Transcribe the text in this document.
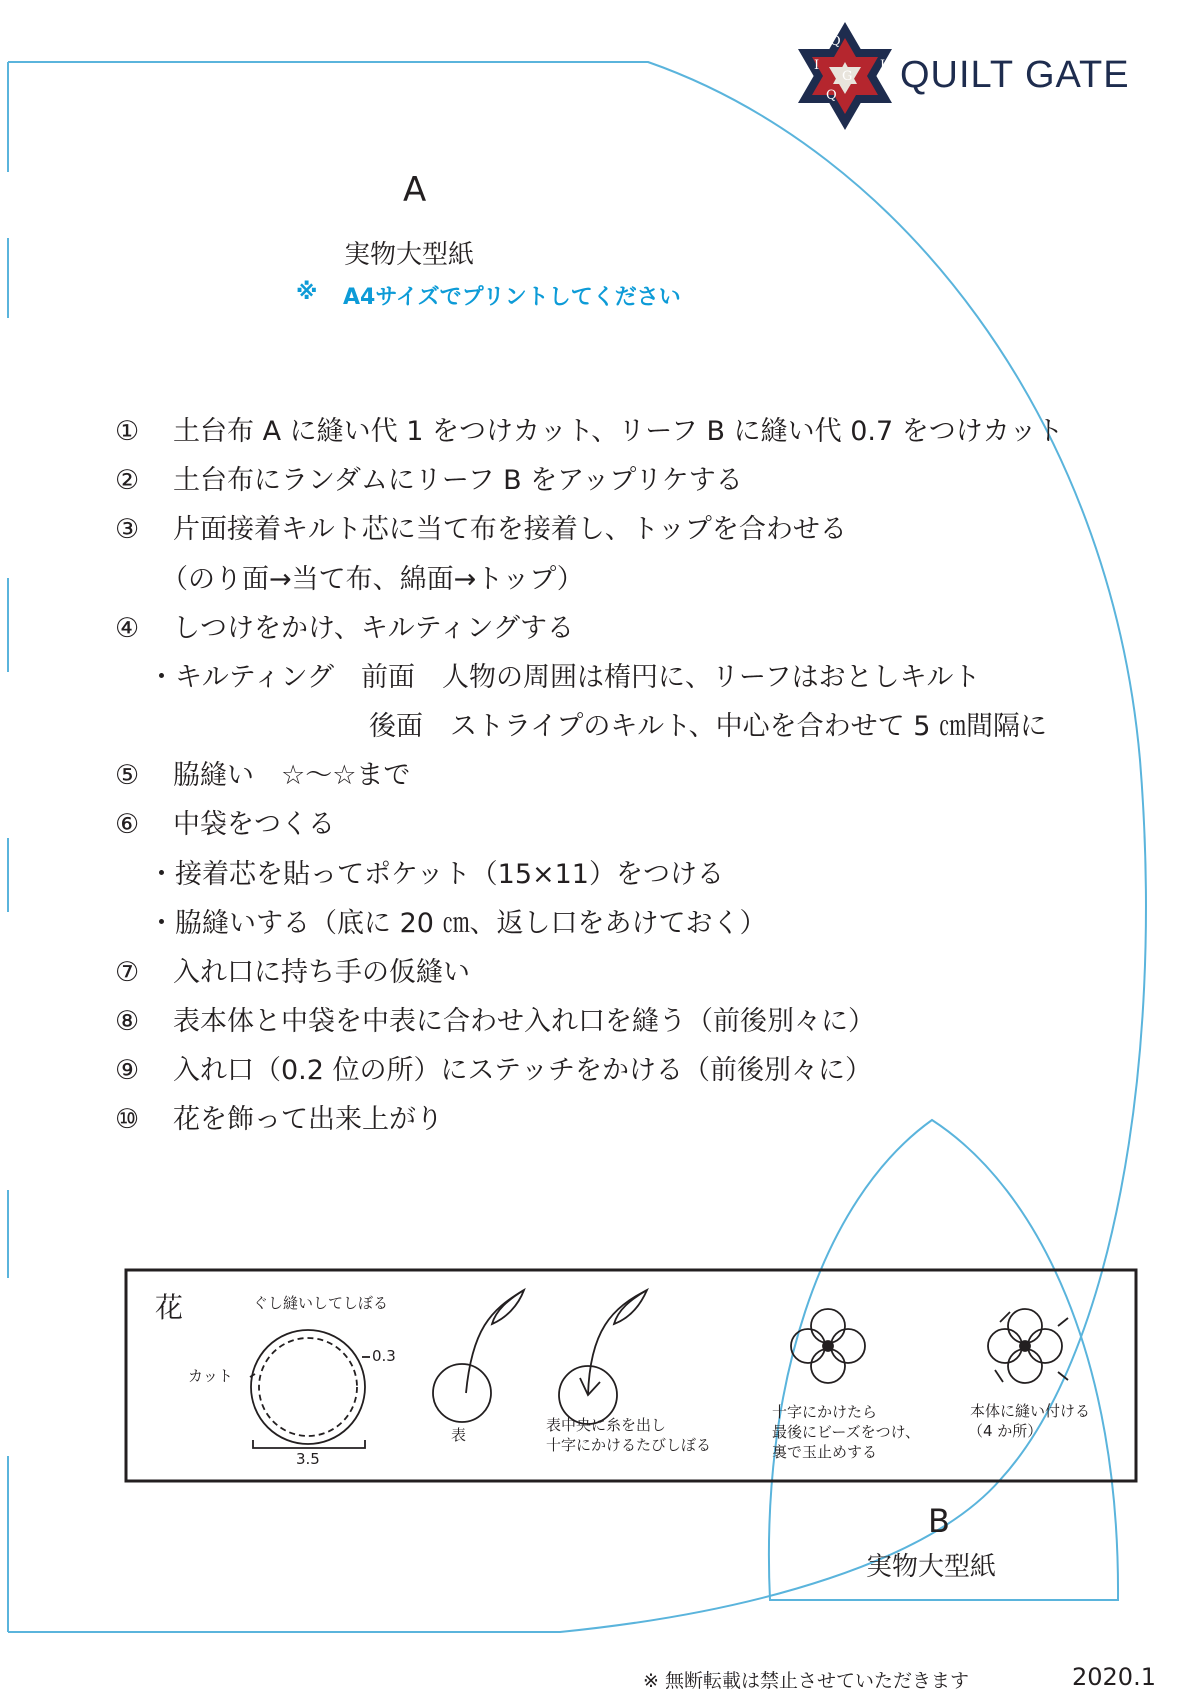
Q
G
I	I
G
Q QUILT GATE
A
実物大型紙
※ A4サイズでプリントしてください
① 土台布 A に縫い代 1 をつけカット、リーフ B に縫い代 0.7 をつけカット
② 土台布にランダムにリーフ B をアップリケする
③ 片面接着キルト芯に当て布を接着し、トップを合わせる
（のり面→当て布、綿面→トップ）
④ しつけをかけ、キルティングする
・キルティング　前面　人物の周囲は楕円に、リーフはおとしキルト
後面　ストライプのキルト、中心を合わせて 5 ㎝間隔に
⑤ 脇縫い　☆〜☆まで
⑥ 中袋をつくる
・接着芯を貼ってポケット（15×11）をつける
・脇縫いする（底に 20 ㎝、返し口をあけておく）
⑦ 入れ口に持ち手の仮縫い
⑧ 表本体と中袋を中表に合わせ入れ口を縫う（前後別々に）
⑨ 入れ口（0.2 位の所）にステッチをかける（前後別々に）
⑩ 花を飾って出来上がり
花	ぐし縫いしてしぼる
カット
0.3
3.5
表
表中央に糸を出し
十字にかけるたびしぼる
十字にかけたら
最後にビーズをつけ、
裏で玉止めする
本体に縫い付ける
（4 か所）
B
実物大型紙
※ 無断転載は禁止させていただきます	2020.1
